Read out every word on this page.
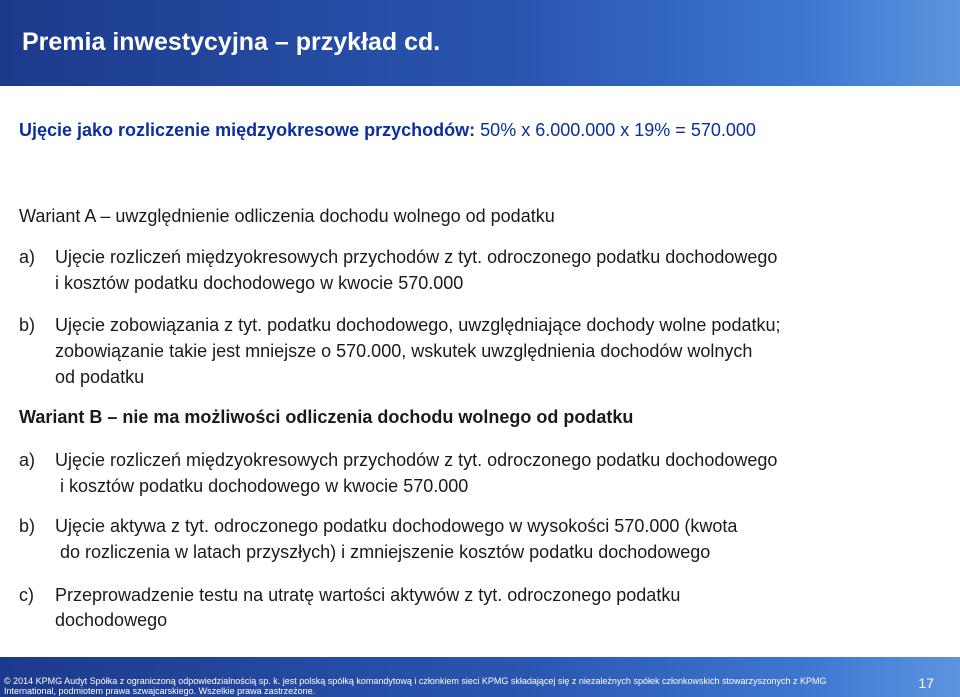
Premia inwestycyjna – przykład cd.
Ujęcie jako rozliczenie międzyokresowe przychodów: 50% x 6.000.000 x 19% = 570.000
Wariant A – uwzględnienie odliczenia dochodu wolnego od podatku
a) Ujęcie rozliczeń międzyokresowych przychodów z tyt. odroczonego podatku dochodowego
i kosztów podatku dochodowego w kwocie 570.000
b) Ujęcie zobowiązania z tyt. podatku dochodowego, uwzględniające dochody wolne podatku;
zobowiązanie takie jest mniejsze o 570.000, wskutek uwzględnienia dochodów wolnych
od podatku
Wariant B – nie ma możliwości odliczenia dochodu wolnego od podatku
a) Ujęcie rozliczeń międzyokresowych przychodów z tyt. odroczonego podatku dochodowego
i kosztów podatku dochodowego w kwocie 570.000
b) Ujęcie aktywa z tyt. odroczonego podatku dochodowego w wysokości 570.000 (kwota
do rozliczenia w latach przyszłych) i zmniejszenie kosztów podatku dochodowego
c) Przeprowadzenie testu na utratę wartości aktywów z tyt. odroczonego podatku
dochodowego
© 2014 KPMG Audyt Spółka z ograniczoną odpowiedzialnością sp. k. jest polską spółką komandytową i członkiem sieci KPMG składającej się z niezależnych spółek członkowskich stowarzyszonych z KPMG
International, podmiotem prawa szwajcarskiego. Wszelkie prawa zastrzeżone.	17
